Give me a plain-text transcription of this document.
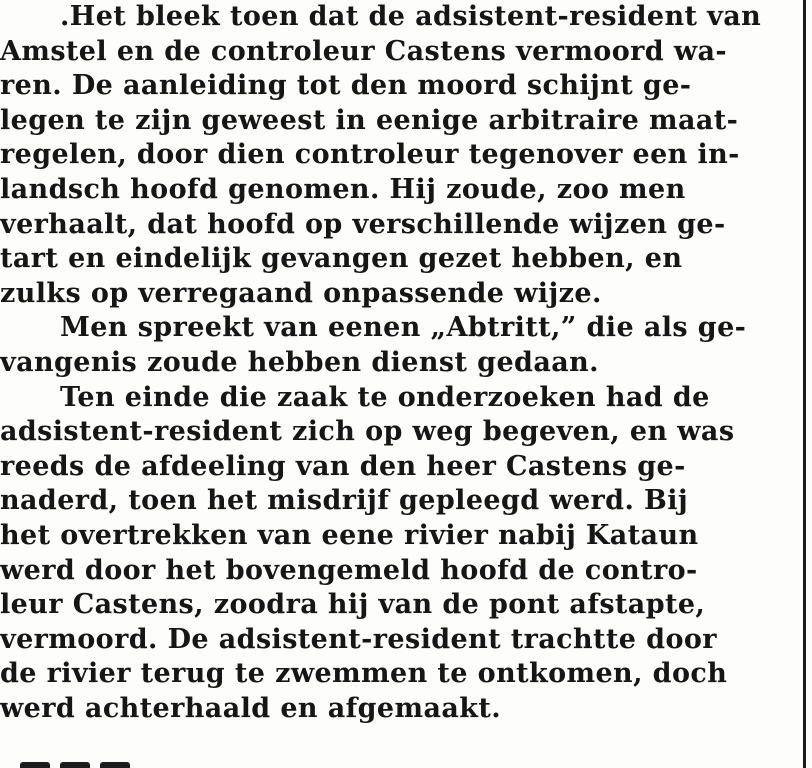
.Het bleek toen dat de adsistent-resident van
Amstel en de controleur Castens vermoord wa-
ren. De aanleiding tot den moord schijnt ge-
legen te zijn geweest in eenige arbitraire maat-
regelen, door dien controleur tegenover een in-
landsch hoofd genomen. Hij zoude, zoo men
verhaalt, dat hoofd op verschillende wijzen ge-
tart en eindelijk gevangen gezet hebben, en
zulks op verregaand onpassende wijze.
Men spreekt van eenen „Abtritt,” die als ge-
vangenis zoude hebben dienst gedaan.
Ten einde die zaak te onderzoeken had de
adsistent-resident zich op weg begeven, en was
reeds de afdeeling van den heer Castens ge-
naderd, toen het misdrijf gepleegd werd. Bij
het overtrekken van eene rivier nabij Kataun
werd door het bovengemeld hoofd de contro-
leur Castens, zoodra hij van de pont afstapte,
vermoord. De adsistent-resident trachtte door
de rivier terug te zwemmen te ontkomen, doch
werd achterhaald en afgemaakt.
